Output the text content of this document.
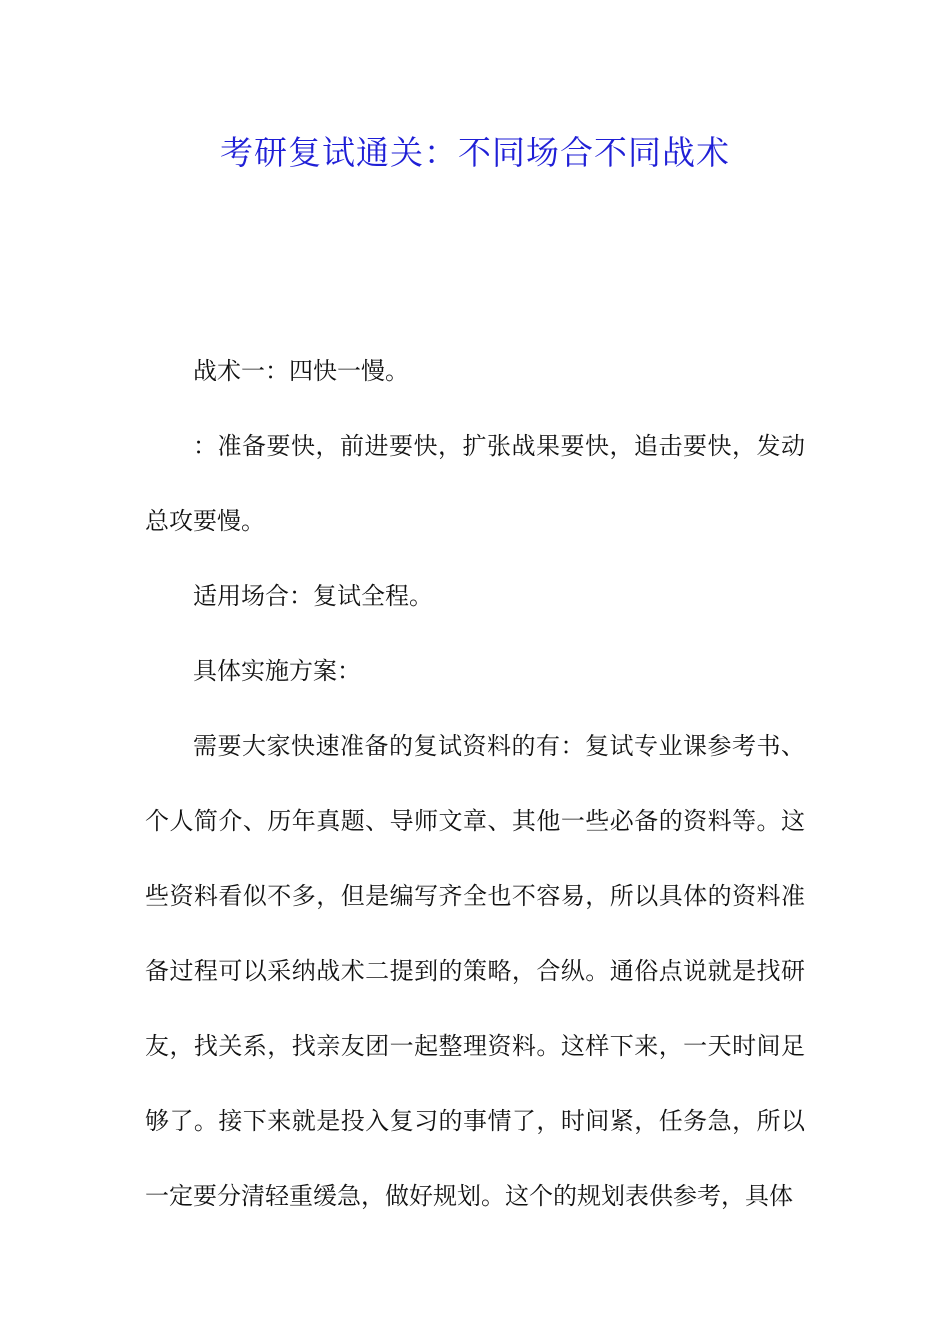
考研复试通关：不同场合不同战术

战术一：四快一慢。

：准备要快，前进要快，扩张战果要快，追击要快，发动总攻要慢。

适用场合：复试全程。

具体实施方案：

需要大家快速准备的复试资料的有：复试专业课参考书、个人简介、历年真题、导师文章、其他一些必备的资料等。这些资料看似不多，但是编写齐全也不容易，所以具体的资料准备过程可以采纳战术二提到的策略，合纵。通俗点说就是找研友，找关系，找亲友团一起整理资料。这样下来，一天时间足够了。接下来就是投入复习的事情了，时间紧，任务急，所以一定要分清轻重缓急，做好规划。这个的规划表供参考，具体
